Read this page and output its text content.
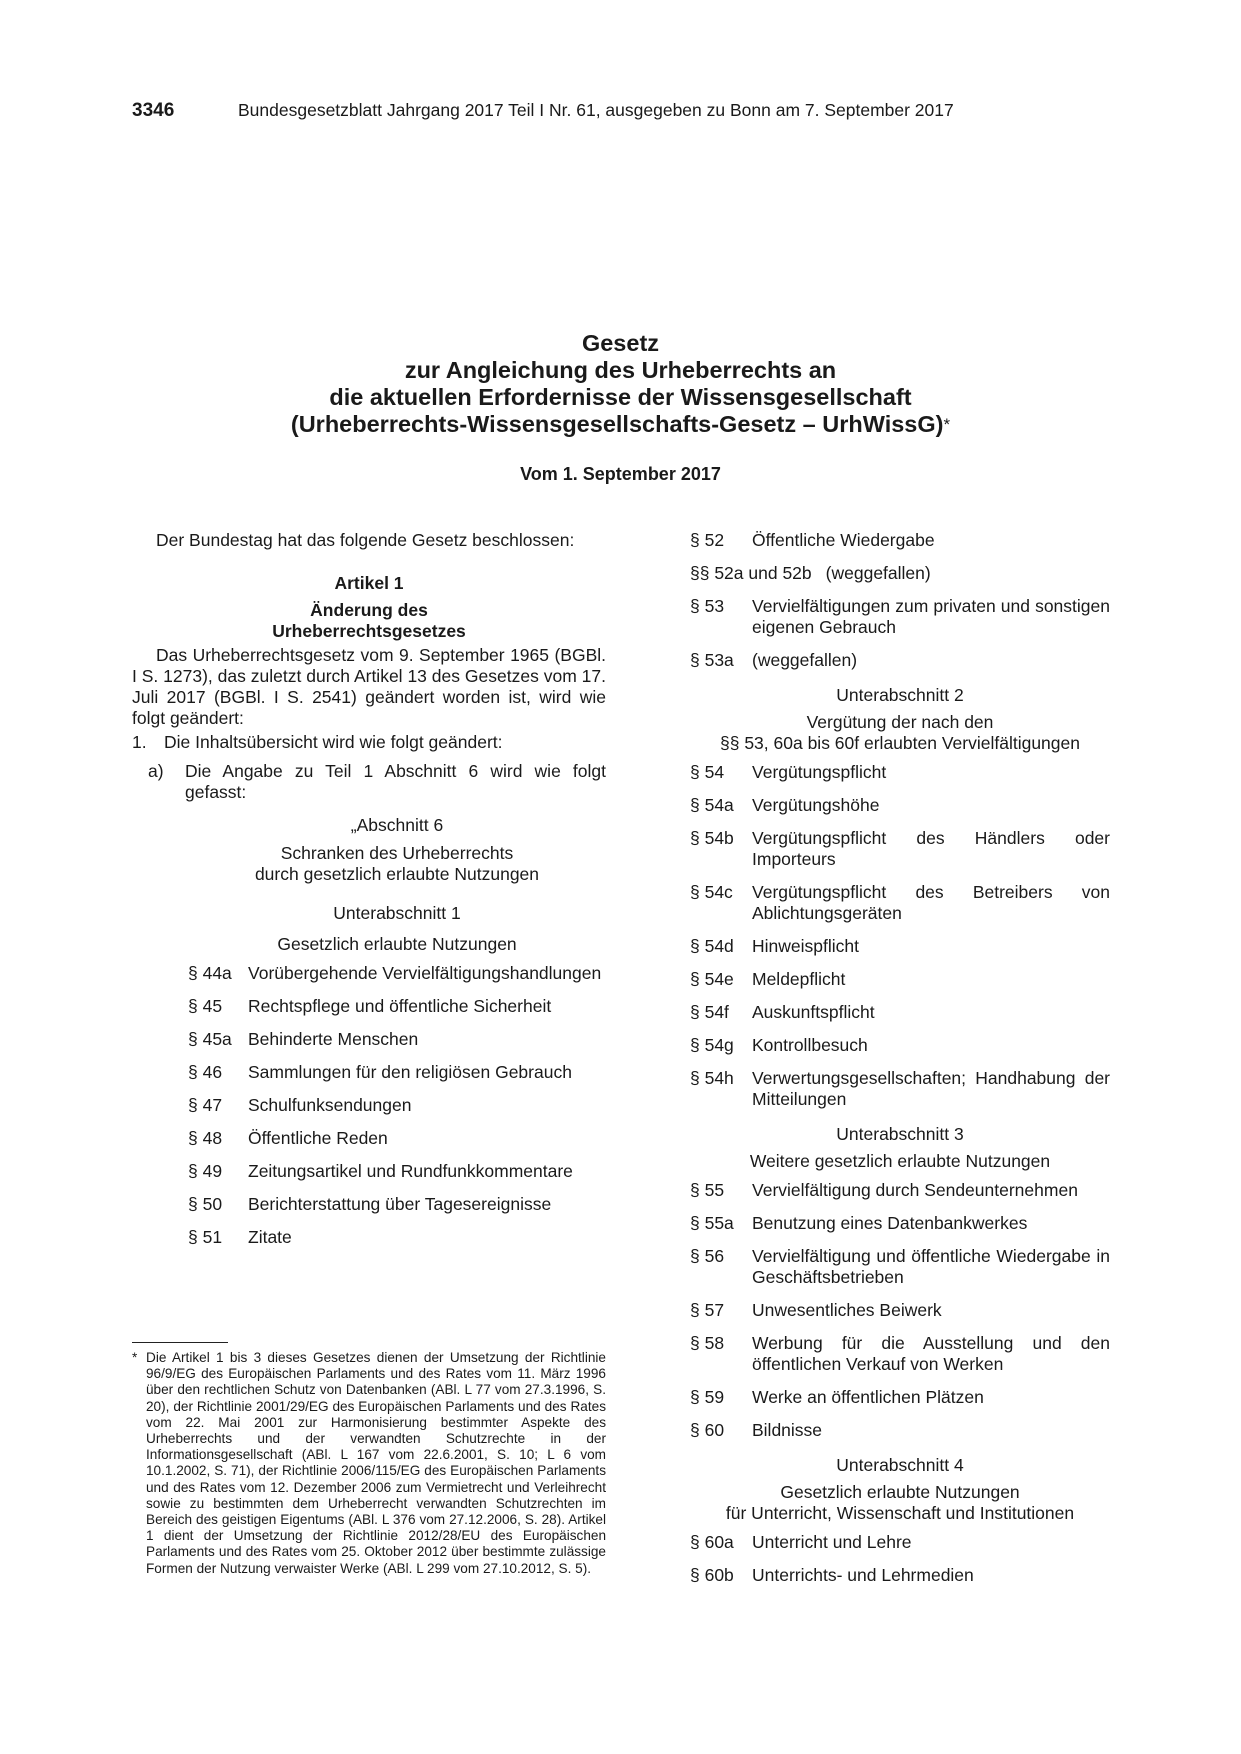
3346	Bundesgesetzblatt Jahrgang 2017 Teil I Nr. 61, ausgegeben zu Bonn am 7. September 2017
Gesetz
zur Angleichung des Urheberrechts an
die aktuellen Erfordernisse der Wissensgesellschaft
(Urheberrechts-Wissensgesellschafts-Gesetz – UrhWissG)*
Vom 1. September 2017

Der Bundestag hat das folgende Gesetz beschlossen:

Artikel 1

Änderung des

Urheberrechtsgesetzes

Das Urheberrechtsgesetz vom 9. September 1965 (BGBl. I S. 1273), das zuletzt durch Artikel 13 des Gesetzes vom 17. Juli 2017 (BGBl. I S. 2541) geändert worden ist, wird wie folgt geändert:

1. Die Inhaltsübersicht wird wie folgt geändert:
a)	Die Angabe zu Teil 1 Abschnitt 6 wird wie folgt gefasst:

„Abschnitt 6

Schranken des Urheberrechts

durch gesetzlich erlaubte Nutzungen

Unterabschnitt 1

Gesetzlich erlaubte Nutzungen

§ 44a Vorübergehende Vervielfältigungshandlungen
§ 45	Rechtspflege und öffentliche Sicherheit
§ 45a Behinderte Menschen
§ 46	Sammlungen für den religiösen Gebrauch
§ 47	Schulfunksendungen
§ 48	Öffentliche Reden
§ 49	Zeitungsartikel und Rundfunkkommentare
§ 50	Berichterstattung über Tagesereignisse
§ 51	Zitate
§ 52	Öffentliche Wiedergabe
§§ 52a und 52b (weggefallen)
§ 53	Vervielfältigungen zum privaten und sonstigen eigenen Gebrauch
§ 53a	(weggefallen)

Unterabschnitt 2

Vergütung der nach den

§§ 53, 60a bis 60f erlaubten Vervielfältigungen

§ 54	Vergütungspflicht
§ 54a	Vergütungshöhe
§ 54b	Vergütungspflicht des Händlers oder Importeurs
§ 54c	Vergütungspflicht des Betreibers von Ablichtungsgeräten
§ 54d	Hinweispflicht
§ 54e	Meldepflicht
§ 54f	Auskunftspflicht
§ 54g	Kontrollbesuch
§ 54h	Verwertungsgesellschaften; Handhabung der Mitteilungen

Unterabschnitt 3

Weitere gesetzlich erlaubte Nutzungen

§ 55	Vervielfältigung durch Sendeunternehmen
§ 55a	Benutzung eines Datenbankwerkes
§ 56	Vervielfältigung und öffentliche Wiedergabe in Geschäftsbetrieben
§ 57	Unwesentliches Beiwerk
§ 58	Werbung für die Ausstellung und den öffentlichen Verkauf von Werken
§ 59	Werke an öffentlichen Plätzen
§ 60	Bildnisse

Unterabschnitt 4

Gesetzlich erlaubte Nutzungen

für Unterricht, Wissenschaft und Institutionen

§ 60a	Unterricht und Lehre
§ 60b	Unterrichts- und Lehrmedien
* Die Artikel 1 bis 3 dieses Gesetzes dienen der Umsetzung der Richtlinie 96/9/EG des Europäischen Parlaments und des Rates vom 11. März 1996 über den rechtlichen Schutz von Datenbanken (ABl. L 77 vom 27.3.1996, S. 20), der Richtlinie 2001/29/EG des Europäischen Parlaments und des Rates vom 22. Mai 2001 zur Harmonisierung bestimmter Aspekte des Urheberrechts und der verwandten Schutzrechte in der Informationsgesellschaft (ABl. L 167 vom 22.6.2001, S. 10; L 6 vom 10.1.2002, S. 71), der Richtlinie 2006/115/EG des Europäischen Parlaments und des Rates vom 12. Dezember 2006 zum Vermietrecht und Verleihrecht sowie zu bestimmten dem Urheberrecht verwandten Schutzrechten im Bereich des geistigen Eigentums (ABl. L 376 vom 27.12.2006, S. 28). Artikel 1 dient der Umsetzung der Richtlinie 2012/28/EU des Europäischen Parlaments und des Rates vom 25. Oktober 2012 über bestimmte zulässige Formen der Nutzung verwaister Werke (ABl. L 299 vom 27.10.2012, S. 5).
